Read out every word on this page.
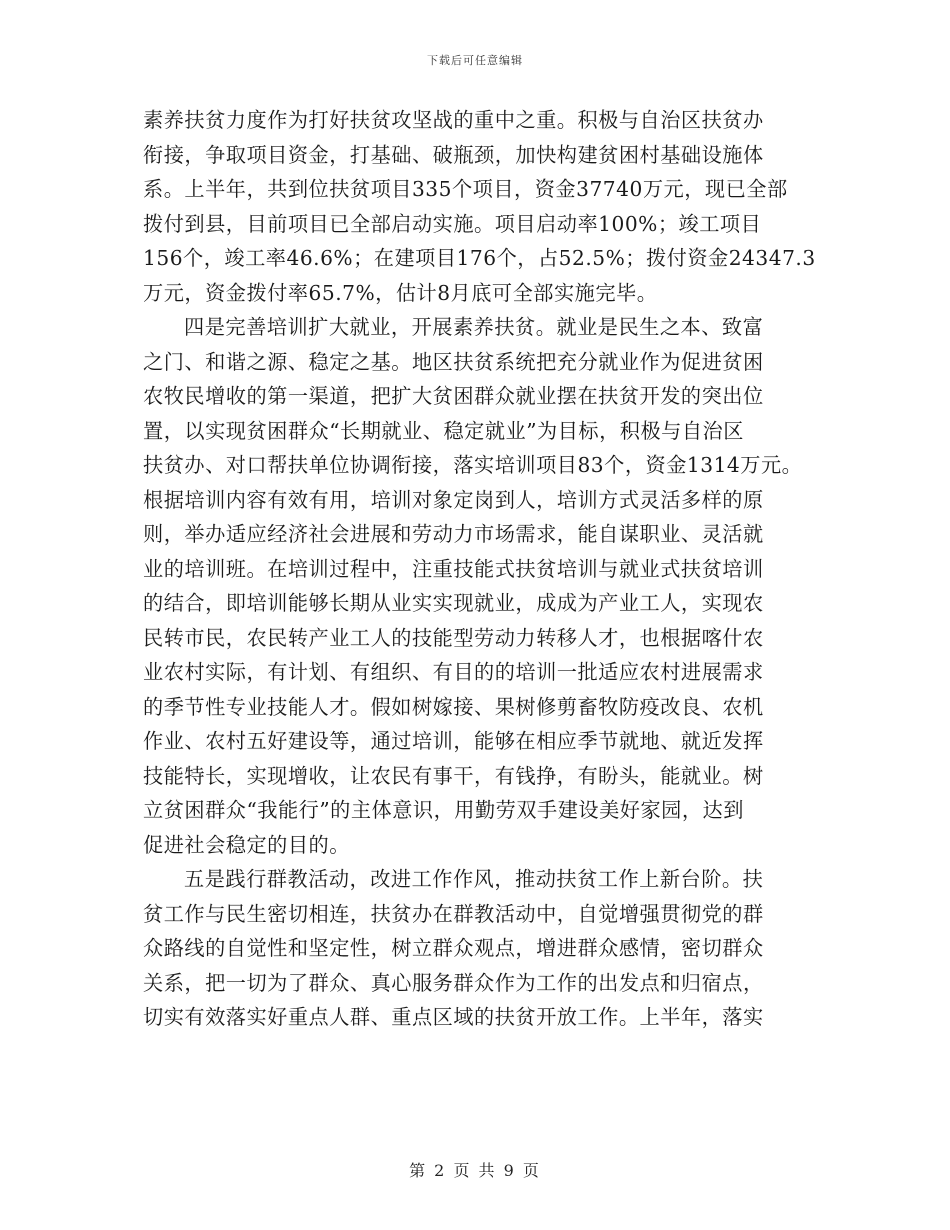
下载后可任意编辑
素养扶贫力度作为打好扶贫攻坚战的重中之重。积极与自治区扶贫办
衔接，争取项目资金，打基础、破瓶颈，加快构建贫困村基础设施体
系。上半年，共到位扶贫项目335个项目，资金37740万元，现已全部
拨付到县，目前项目已全部启动实施。项目启动率100%；竣工项目
156个，竣工率46.6%；在建项目176个，占52.5%；拨付资金24347.3
万元，资金拨付率65.7%，估计8月底可全部实施完毕。
四是完善培训扩大就业，开展素养扶贫。就业是民生之本、致富
之门、和谐之源、稳定之基。地区扶贫系统把充分就业作为促进贫困
农牧民增收的第一渠道，把扩大贫困群众就业摆在扶贫开发的突出位
置，以实现贫困群众“长期就业、稳定就业”为目标，积极与自治区
扶贫办、对口帮扶单位协调衔接，落实培训项目83个，资金1314万元。
根据培训内容有效有用，培训对象定岗到人，培训方式灵活多样的原
则，举办适应经济社会进展和劳动力市场需求，能自谋职业、灵活就
业的培训班。在培训过程中，注重技能式扶贫培训与就业式扶贫培训
的结合，即培训能够长期从业实实现就业，成成为产业工人，实现农
民转市民，农民转产业工人的技能型劳动力转移人才，也根据喀什农
业农村实际，有计划、有组织、有目的的培训一批适应农村进展需求
的季节性专业技能人才。假如树嫁接、果树修剪畜牧防疫改良、农机
作业、农村五好建设等，通过培训，能够在相应季节就地、就近发挥
技能特长，实现增收，让农民有事干，有钱挣，有盼头，能就业。树
立贫困群众“我能行”的主体意识，用勤劳双手建设美好家园，达到
促进社会稳定的目的。
五是践行群教活动，改进工作作风，推动扶贫工作上新台阶。扶
贫工作与民生密切相连，扶贫办在群教活动中，自觉增强贯彻党的群
众路线的自觉性和坚定性，树立群众观点，增进群众感情，密切群众
关系，把一切为了群众、真心服务群众作为工作的出发点和归宿点，
切实有效落实好重点人群、重点区域的扶贫开放工作。上半年，落实
第 2 页 共 9 页
